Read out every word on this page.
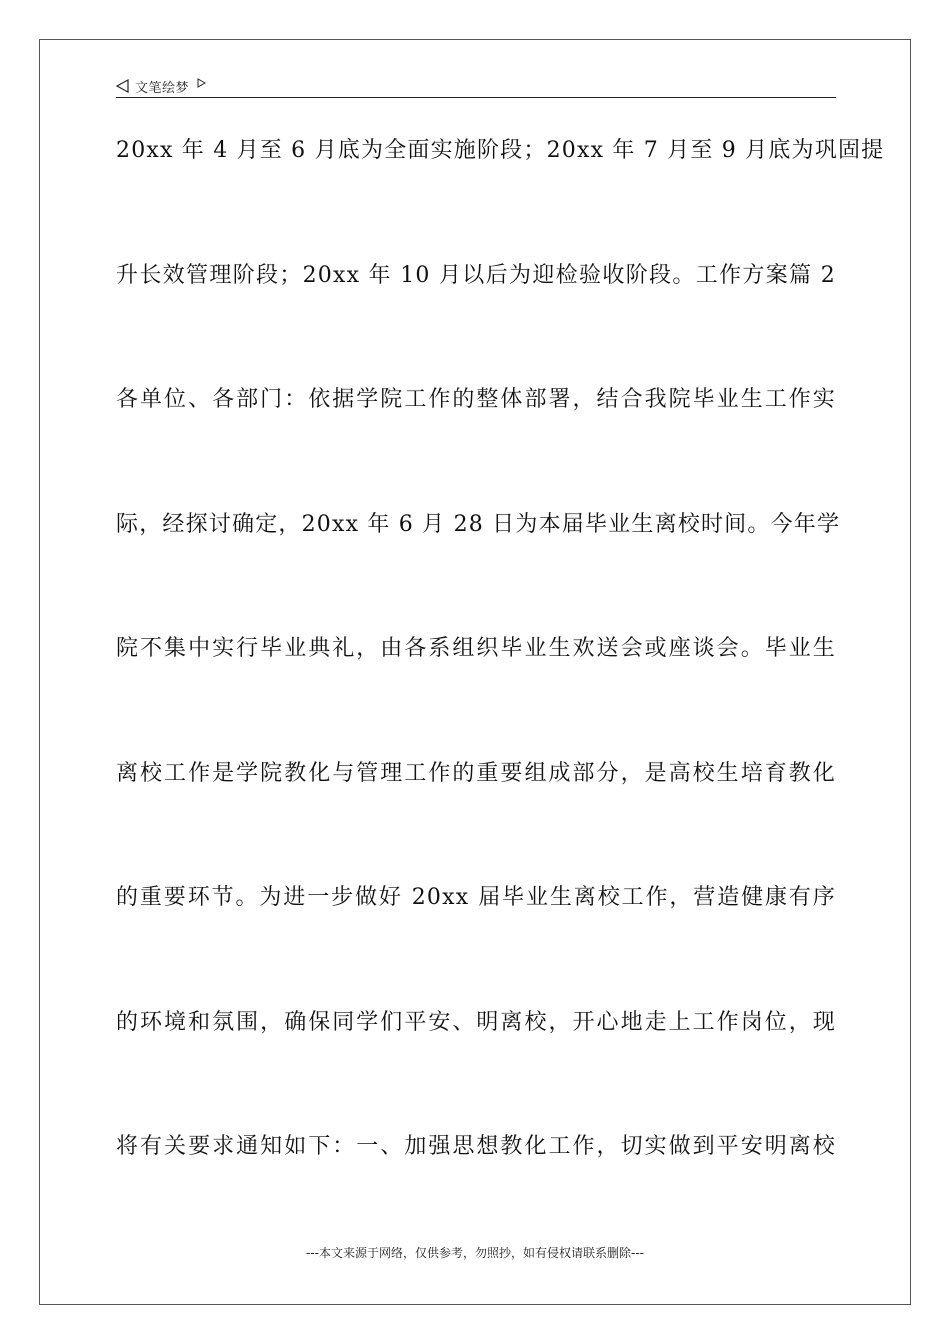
文笔绘梦
20xx 年 4 月至 6 月底为全面实施阶段；20xx 年 7 月至 9 月底为巩固提
升长效管理阶段；20xx 年 10 月以后为迎检验收阶段。工作方案篇 2
各单位、各部门：依据学院工作的整体部署，结合我院毕业生工作实
际，经探讨确定，20xx 年 6 月 28 日为本届毕业生离校时间。今年学
院不集中实行毕业典礼，由各系组织毕业生欢送会或座谈会。毕业生
离校工作是学院教化与管理工作的重要组成部分，是高校生培育教化
的重要环节。为进一步做好 20xx 届毕业生离校工作，营造健康有序
的环境和氛围，确保同学们平安、明离校，开心地走上工作岗位，现
将有关要求通知如下：一、加强思想教化工作，切实做到平安明离校
---本文来源于网络，仅供参考，勿照抄，如有侵权请联系删除---
